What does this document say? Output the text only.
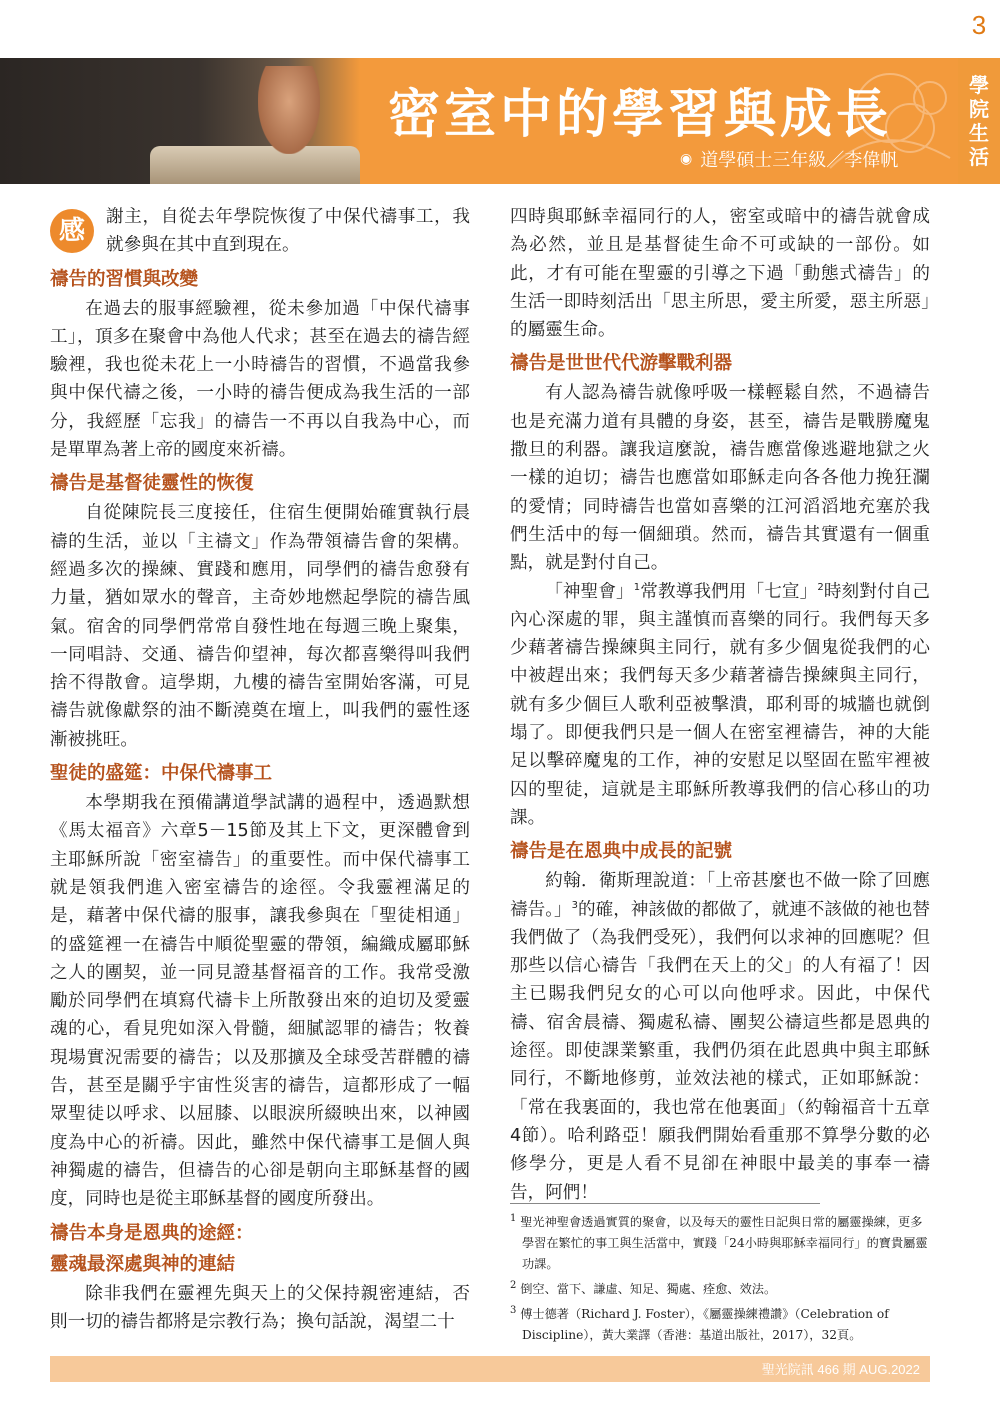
3
學
院
生
活
密室中的學習與成長
◉ 道學碩士三年級／李偉帆
感	謝主，自從去年學院恢復了中保代禱事工，我就參與在其中直到現在。

禱告的習慣與改變

在過去的服事經驗裡，從未參加過「中保代禱事工」，頂多在聚會中為他人代求；甚至在過去的禱告經驗裡，我也從未花上一小時禱告的習慣，不過當我參與中保代禱之後，一小時的禱告便成為我生活的一部分，我經歷「忘我」的禱告一不再以自我為中心，而是單單為著上帝的國度來祈禱。

禱告是基督徒靈性的恢復

自從陳院長三度接任，住宿生便開始確實執行晨禱的生活，並以「主禱文」作為帶領禱告會的架構。經過多次的操練、實踐和應用，同學們的禱告愈發有力量，猶如眾水的聲音，主奇妙地燃起學院的禱告風氣。宿舍的同學們常常自發性地在每週三晚上聚集，一同唱詩、交通、禱告仰望神，每次都喜樂得叫我們捨不得散會。這學期，九樓的禱告室開始客滿，可見禱告就像獻祭的油不斷澆奠在壇上，叫我們的靈性逐漸被挑旺。

聖徒的盛筵：中保代禱事工

本學期我在預備講道學試講的過程中，透過默想《馬太福音》六章5－15節及其上下文，更深體會到主耶穌所說「密室禱告」的重要性。而中保代禱事工就是領我們進入密室禱告的途徑。令我靈裡滿足的是，藉著中保代禱的服事，讓我參與在「聖徒相通」的盛筵裡一在禱告中順從聖靈的帶領，編織成屬耶穌之人的團契，並一同見證基督福音的工作。我常受激勵於同學們在填寫代禱卡上所散發出來的迫切及愛靈魂的心，看見兜如深入骨髓，細膩認罪的禱告；牧養現場實況需要的禱告；以及那擴及全球受苦群體的禱告，甚至是關乎宇宙性災害的禱告，這都形成了一幅眾聖徒以呼求、以屈膝、以眼淚所綴映出來，以神國度為中心的祈禱。因此，雖然中保代禱事工是個人與神獨處的禱告，但禱告的心卻是朝向主耶穌基督的國度，同時也是從主耶穌基督的國度所發出。

禱告本身是恩典的途經：
靈魂最深處與神的連結

除非我們在靈裡先與天上的父保持親密連結，否則一切的禱告都將是宗教行為；換句話說，渴望二十

四時與耶穌幸福同行的人，密室或暗中的禱告就會成為必然，並且是基督徒生命不可或缺的一部份。如此，才有可能在聖靈的引導之下過「動態式禱告」的生活一即時刻活出「思主所思，愛主所愛，惡主所惡」的屬靈生命。

禱告是世世代代游擊戰利器

有人認為禱告就像呼吸一樣輕鬆自然，不過禱告也是充滿力道有具體的身姿，甚至，禱告是戰勝魔鬼撒旦的利器。讓我這麼說，禱告應當像逃避地獄之火一樣的迫切；禱告也應當如耶穌走向各各他力挽狂瀾的愛情；同時禱告也當如喜樂的江河滔滔地充塞於我們生活中的每一個細瑣。然而，禱告其實還有一個重點，就是對付自己。

「神聖會」$^1$常教導我們用「七宣」$^2$時刻對付自己內心深處的罪，與主謹慎而喜樂的同行。我們每天多少藉著禱告操練與主同行，就有多少個鬼從我們的心中被趕出來；我們每天多少藉著禱告操練與主同行，就有多少個巨人歌利亞被擊潰，耶利哥的城牆也就倒塌了。即便我們只是一個人在密室裡禱告，神的大能足以擊碎魔鬼的工作，神的安慰足以堅固在監牢裡被囚的聖徒，這就是主耶穌所教導我們的信心移山的功課。

禱告是在恩典中成長的記號

約翰．衛斯理說道：「上帝甚麼也不做一除了回應禱告。」$^3$的確，神該做的都做了，就連不該做的祂也替我們做了（為我們受死），我們何以求神的回應呢？但那些以信心禱告「我們在天上的父」的人有福了！因主已賜我們兒女的心可以向他呼求。因此，中保代禱、宿舍晨禱、獨處私禱、團契公禱這些都是恩典的途徑。即使課業繁重，我們仍須在此恩典中與主耶穌同行，不斷地修剪，並效法祂的樣式，正如耶穌說：「常在我裏面的，我也常在他裏面」（約翰福音十五章4節）。哈利路亞！願我們開始看重那不算學分數的必修學分，更是人看不見卻在神眼中最美的事奉一禱告，阿們！

$^1$ 聖光神聖會透過實質的聚會，以及每天的靈性日記與日常的屬靈操練，更多學習在繁忙的事工與生活當中，實踐「24小時與耶穌幸福同行」的寶貴屬靈功課。

$^2$ 倒空、當下、謙虛、知足、獨處、痊愈、效法。

$^3$ 傅士德著（Richard J. Foster），《屬靈操練禮讚》（Celebration of Discipline），黃大業譯（香港：基道出版社，2017），32頁。

聖光院訊 466 期 AUG.2022
